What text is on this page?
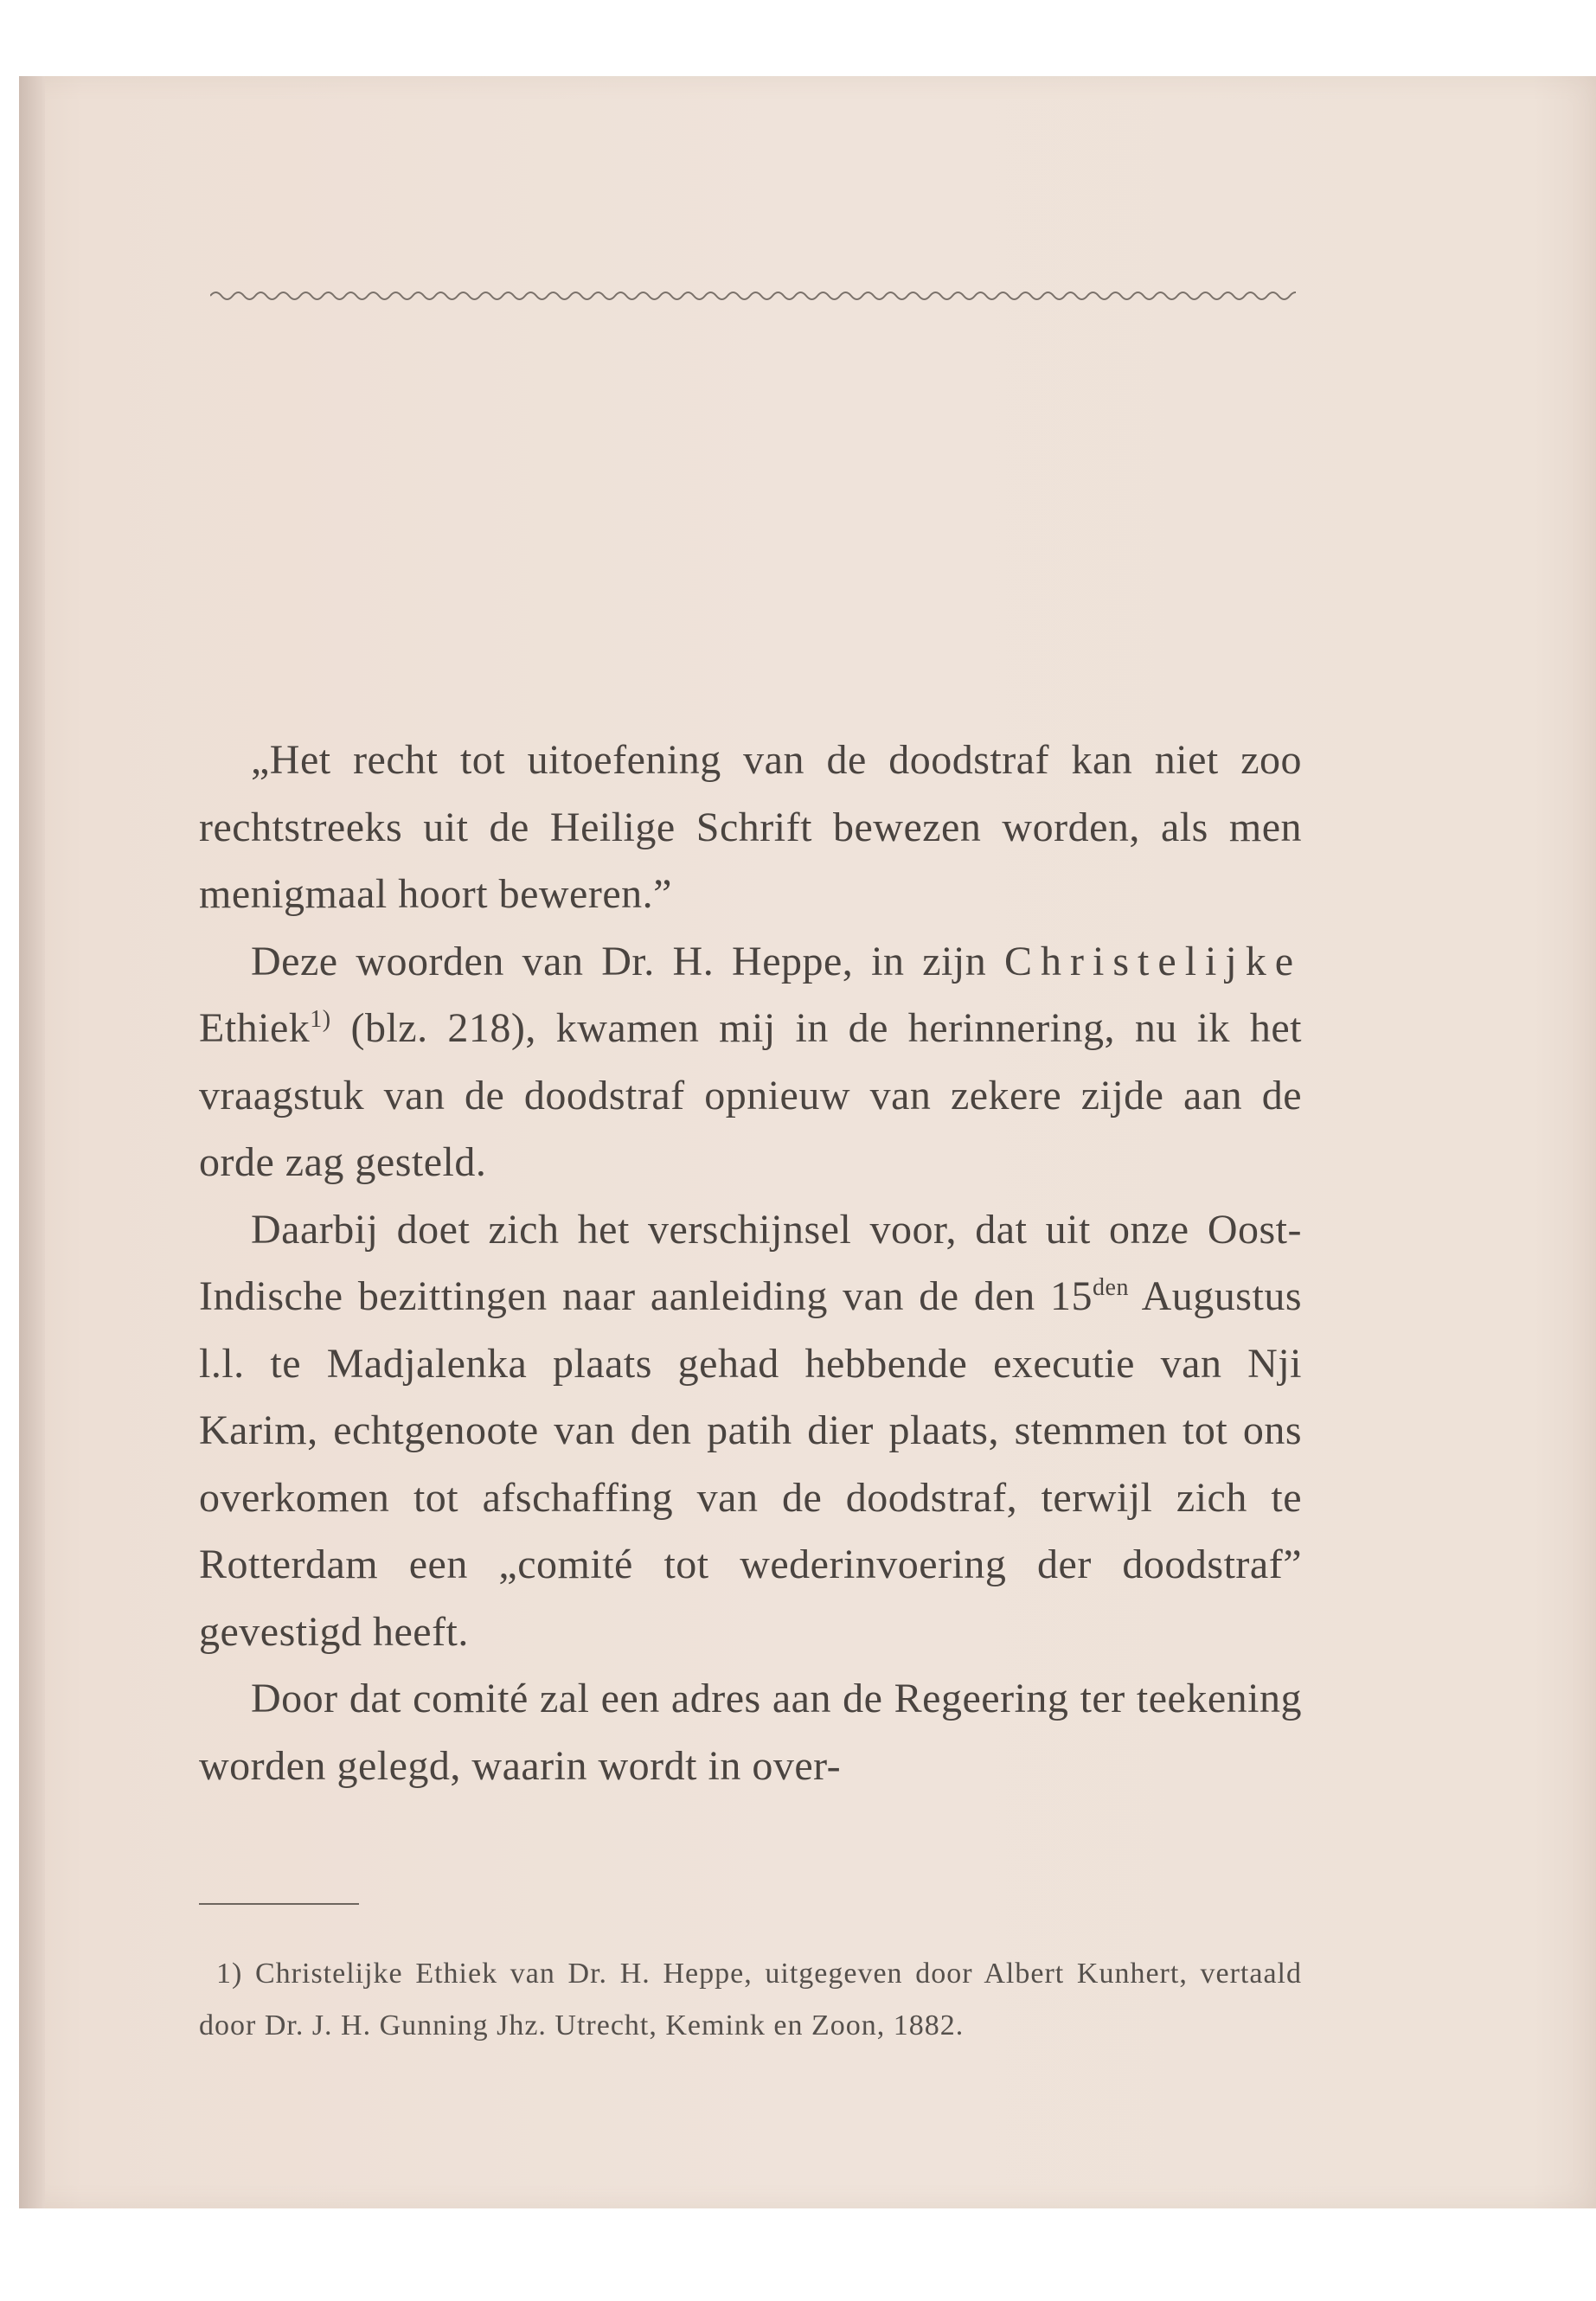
„Het recht tot uitoefening van de doodstraf kan niet zoo rechtstreeks uit de Heilige Schrift bewezen worden, als men menigmaal hoort beweren.”

Deze woorden van Dr. H. Heppe, in zijn Christelijke Ethiek$^{1)}$ (blz. 218), kwamen mij in de herinnering, nu ik het vraagstuk van de doodstraf opnieuw van zekere zijde aan de orde zag gesteld.

Daarbij doet zich het verschijnsel voor, dat uit onze Oost-Indische bezittingen naar aanleiding van de den $15^{den}$ Augustus l.l. te Madjalenka plaats gehad hebbende executie van Nji Karim, echtgenoote van den patih dier plaats, stemmen tot ons overkomen tot afschaffing van de doodstraf, terwijl zich te Rotterdam een „comité tot wederinvoering der doodstraf” gevestigd heeft.

Door dat comité zal een adres aan de Regeering ter teekening worden gelegd, waarin wordt in over-

1) Christelijke Ethiek van Dr. H. Heppe, uitgegeven door Albert Kunhert, vertaald door Dr. J. H. Gunning Jhz. Utrecht, Kemink en Zoon, 1882.
